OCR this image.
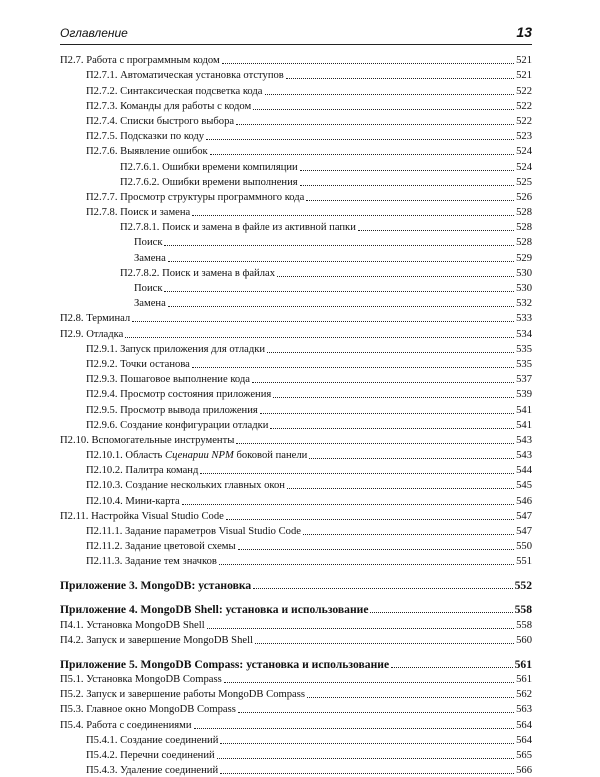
Оглавление	13
П2.7. Работа с программным кодом	521
П2.7.1. Автоматическая установка отступов	521
П2.7.2. Синтаксическая подсветка кода	522
П2.7.3. Команды для работы с кодом	522
П2.7.4. Списки быстрого выбора	522
П2.7.5. Подсказки по коду	523
П2.7.6. Выявление ошибок	524
П2.7.6.1. Ошибки времени компиляции	524
П2.7.6.2. Ошибки времени выполнения	525
П2.7.7. Просмотр структуры программного кода	526
П2.7.8. Поиск и замена	528
П2.7.8.1. Поиск и замена в файле из активной папки	528
Поиск	528
Замена	529
П2.7.8.2. Поиск и замена в файлах	530
Поиск	530
Замена	532
П2.8. Терминал	533
П2.9. Отладка	534
П2.9.1. Запуск приложения для отладки	535
П2.9.2. Точки останова	535
П2.9.3. Пошаговое выполнение кода	537
П2.9.4. Просмотр состояния приложения	539
П2.9.5. Просмотр вывода приложения	541
П2.9.6. Создание конфигурации отладки	541
П2.10. Вспомогательные инструменты	543
П2.10.1. Область Сценарии NPM боковой панели	543
П2.10.2. Палитра команд	544
П2.10.3. Создание нескольких главных окон	545
П2.10.4. Мини-карта	546
П2.11. Настройка Visual Studio Code	547
П2.11.1. Задание параметров Visual Studio Code	547
П2.11.2. Задание цветовой схемы	550
П2.11.3. Задание тем значков	551
Приложение 3. MongoDB: установка	552
Приложение 4. MongoDB Shell: установка и использование	558
П4.1. Установка MongoDB Shell	558
П4.2. Запуск и завершение MongoDB Shell	560
Приложение 5. MongoDB Compass: установка и использование	561
П5.1. Установка MongoDB Compass	561
П5.2. Запуск и завершение работы MongoDB Compass	562
П5.3. Главное окно MongoDB Compass	563
П5.4. Работа с соединениями	564
П5.4.1. Создание соединений	564
П5.4.2. Перечни соединений	565
П5.4.3. Удаление соединений	566
